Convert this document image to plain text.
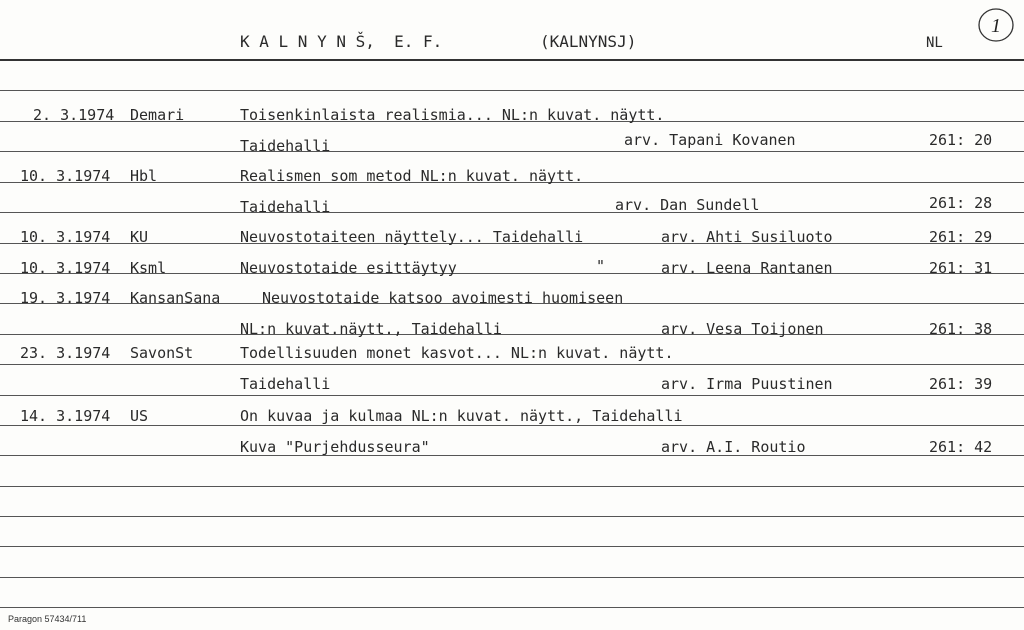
K A L N Y N Š,  E. F.	(KALNYNSJ)	NL
1
2. 3.1974 Demari	Toisenkinlaista realismia... NL:n kuvat. näytt.
Taidehalli	arv. Tapani Kovanen	261: 20
10. 3.1974 Hbl	Realismen som metod NL:n kuvat. näytt.
Taidehalli	arv. Dan Sundell	261: 28
10. 3.1974 KU	Neuvostotaiteen näyttely... Taidehalli	arv. Ahti Susiluoto	261: 29
10. 3.1974 Ksml	Neuvostotaide esittäytyy	"	arv. Leena Rantanen	261: 31
19. 3.1974 KansanSana	Neuvostotaide katsoo avoimesti huomiseen
NL:n kuvat.näytt., Taidehalli	arv. Vesa Toijonen	261: 38
23. 3.1974 SavonSt	Todellisuuden monet kasvot... NL:n kuvat. näytt.
Taidehalli	arv. Irma Puustinen	261: 39
14. 3.1974 US	On kuvaa ja kulmaa NL:n kuvat. näytt., Taidehalli
Kuva "Purjehdusseura"	arv. A.I. Routio	261: 42
Paragon 57434/711
